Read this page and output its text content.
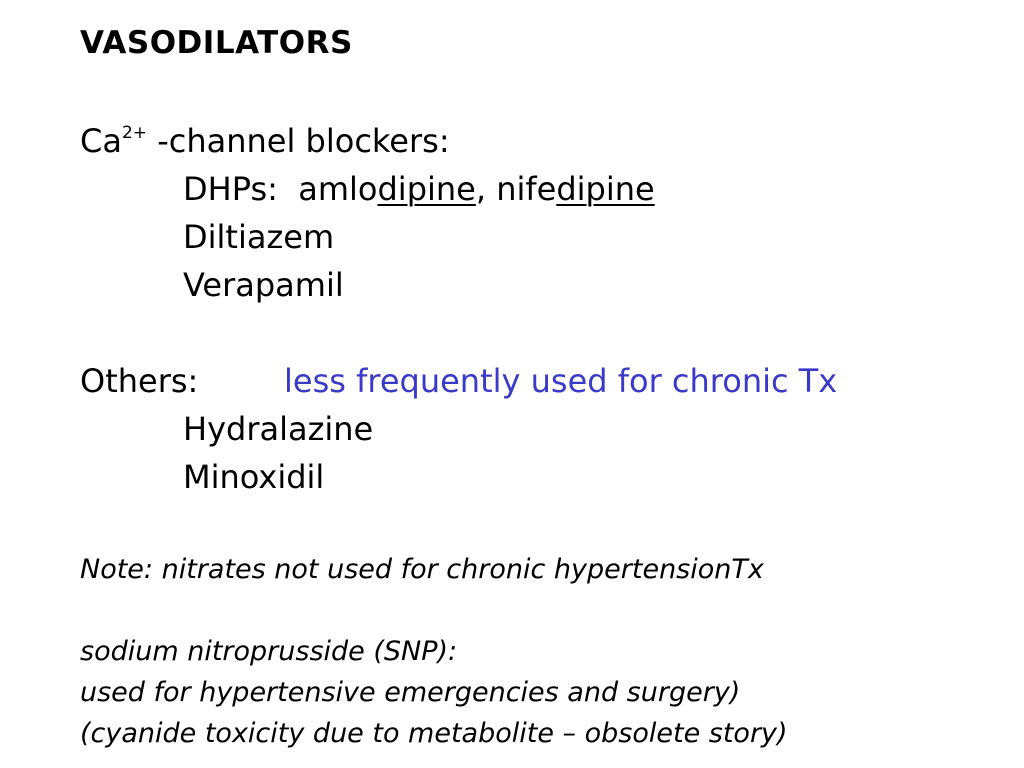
VASODILATORS
$Ca^{2+}$ -channel blockers:
DHPs:  amlodipine, nifedipine
Diltiazem
Verapamil
Others:	less frequently used for chronic Tx
Hydralazine
Minoxidil
Note: nitrates not used for chronic hypertensionTx
sodium nitroprusside (SNP):
used for hypertensive emergencies and surgery)
(cyanide toxicity due to metabolite – obsolete story)
